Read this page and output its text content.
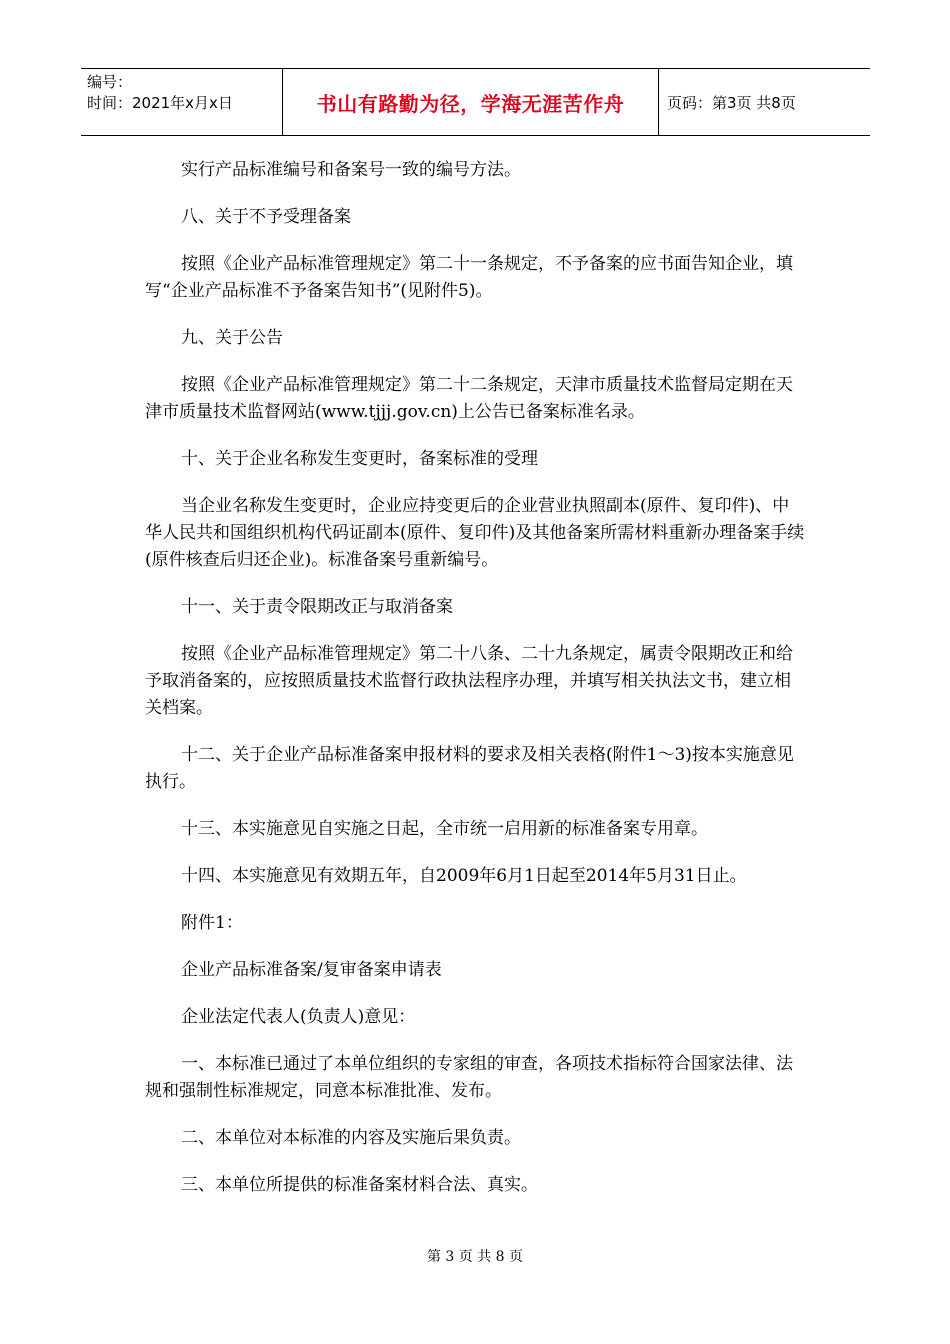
编号：
时间：2021年x月x日	书山有路勤为径，学海无涯苦作舟	页码：第3页 共8页

实行产品标准编号和备案号一致的编号方法。

八、关于不予受理备案

按照《企业产品标准管理规定》第二十一条规定，不予备案的应书面告知企业，填写“企业产品标准不予备案告知书”(见附件5)。

九、关于公告

按照《企业产品标准管理规定》第二十二条规定，天津市质量技术监督局定期在天津市质量技术监督网站(www.tjjj.gov.cn)上公告已备案标准名录。

十、关于企业名称发生变更时，备案标准的受理

当企业名称发生变更时，企业应持变更后的企业营业执照副本(原件、复印件)、中华人民共和国组织机构代码证副本(原件、复印件)及其他备案所需材料重新办理备案手续(原件核查后归还企业)。标准备案号重新编号。

十一、关于责令限期改正与取消备案

按照《企业产品标准管理规定》第二十八条、二十九条规定，属责令限期改正和给予取消备案的，应按照质量技术监督行政执法程序办理，并填写相关执法文书，建立相关档案。

十二、关于企业产品标准备案申报材料的要求及相关表格(附件1～3)按本实施意见执行。

十三、本实施意见自实施之日起，全市统一启用新的标准备案专用章。

十四、本实施意见有效期五年，自2009年6月1日起至2014年5月31日止。

附件1：

企业产品标准备案/复审备案申请表

企业法定代表人(负责人)意见：

一、本标准已通过了本单位组织的专家组的审查，各项技术指标符合国家法律、法规和强制性标准规定，同意本标准批准、发布。

二、本单位对本标准的内容及实施后果负责。

三、本单位所提供的标准备案材料合法、真实。

第 3 页 共 8 页
